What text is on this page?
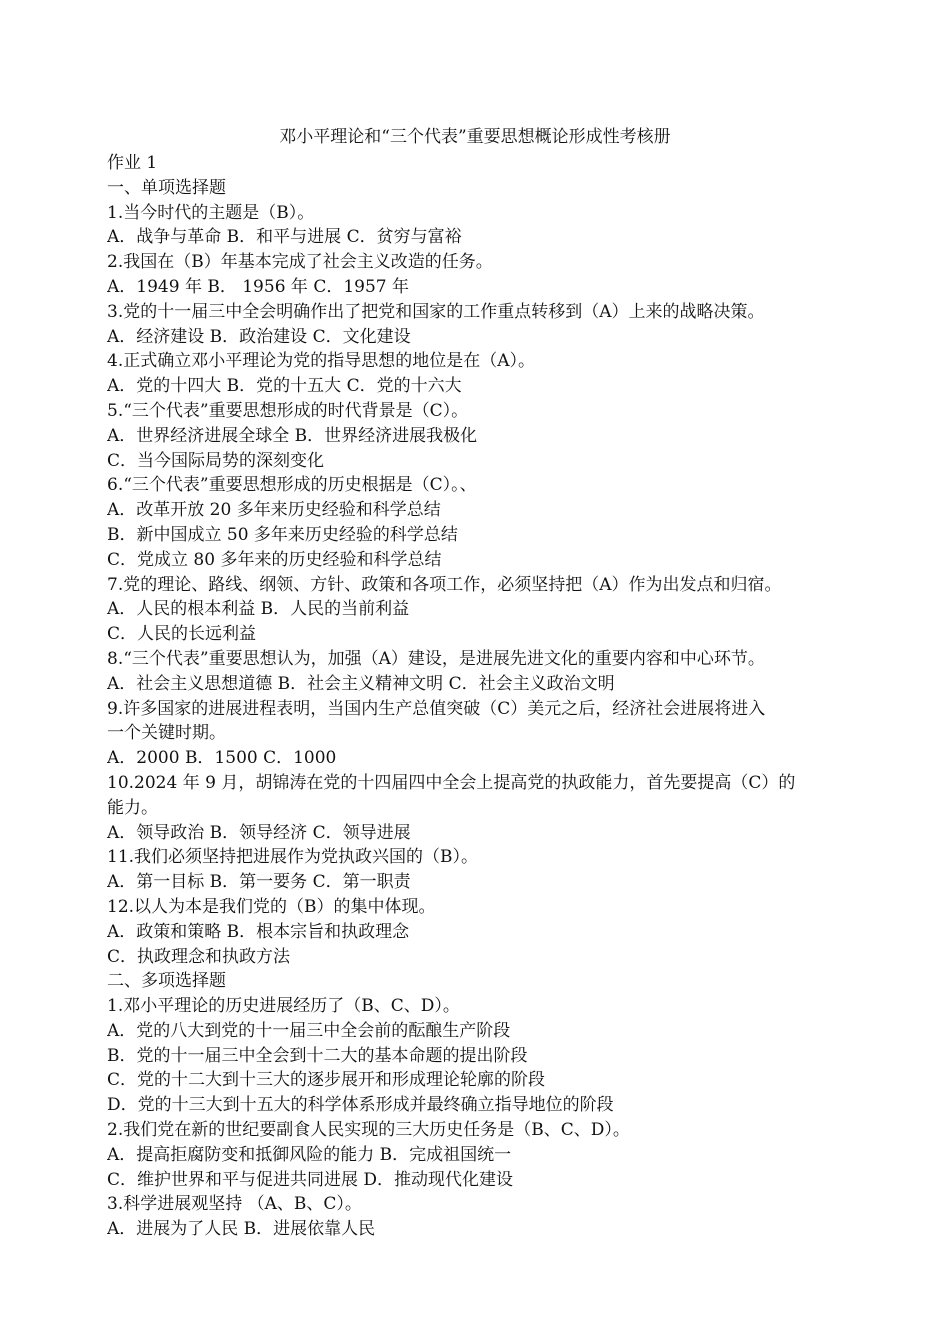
邓小平理论和“三个代表”重要思想概论形成性考核册
作业 1
一、单项选择题
1.当今时代的主题是（B）。
A．战争与革命 B．和平与进展 C．贫穷与富裕
2.我国在（B）年基本完成了社会主义改造的任务。
A．1949 年 B． 1956 年 C．1957 年
3.党的十一届三中全会明确作出了把党和国家的工作重点转移到（A）上来的战略决策。
A．经济建设 B．政治建设 C．文化建设
4.正式确立邓小平理论为党的指导思想的地位是在（A）。
A．党的十四大 B．党的十五大 C．党的十六大
5.“三个代表”重要思想形成的时代背景是（C）。
A．世界经济进展全球全 B．世界经济进展我极化
C．当今国际局势的深刻变化
6.“三个代表”重要思想形成的历史根据是（C）。、
A．改革开放 20 多年来历史经验和科学总结
B．新中国成立 50 多年来历史经验的科学总结
C．党成立 80 多年来的历史经验和科学总结
7.党的理论、路线、纲领、方针、政策和各项工作，必须坚持把（A）作为出发点和归宿。
A．人民的根本利益 B．人民的当前利益
C．人民的长远利益
8.“三个代表”重要思想认为，加强（A）建设，是进展先进文化的重要内容和中心环节。
A．社会主义思想道德 B．社会主义精神文明 C．社会主义政治文明
9.许多国家的进展进程表明，当国内生产总值突破（C）美元之后，经济社会进展将进入
一个关键时期。
A．2000 B．1500 C．1000
10.2024 年 9 月，胡锦涛在党的十四届四中全会上提高党的执政能力，首先要提高（C）的
能力。
A．领导政治 B．领导经济 C．领导进展
11.我们必须坚持把进展作为党执政兴国的（B）。
A．第一目标 B．第一要务 C．第一职责
12.以人为本是我们党的（B）的集中体现。
A．政策和策略 B．根本宗旨和执政理念
C．执政理念和执政方法
二、多项选择题
1.邓小平理论的历史进展经历了（B、C、D）。
A．党的八大到党的十一届三中全会前的酝酿生产阶段
B．党的十一届三中全会到十二大的基本命题的提出阶段
C．党的十二大到十三大的逐步展开和形成理论轮廓的阶段
D．党的十三大到十五大的科学体系形成并最终确立指导地位的阶段
2.我们党在新的世纪要副食人民实现的三大历史任务是（B、C、D）。
A．提高拒腐防变和抵御风险的能力 B．完成祖国统一
C．维护世界和平与促进共同进展 D．推动现代化建设
3.科学进展观坚持 （A、B、C）。
A．进展为了人民 B．进展依靠人民
